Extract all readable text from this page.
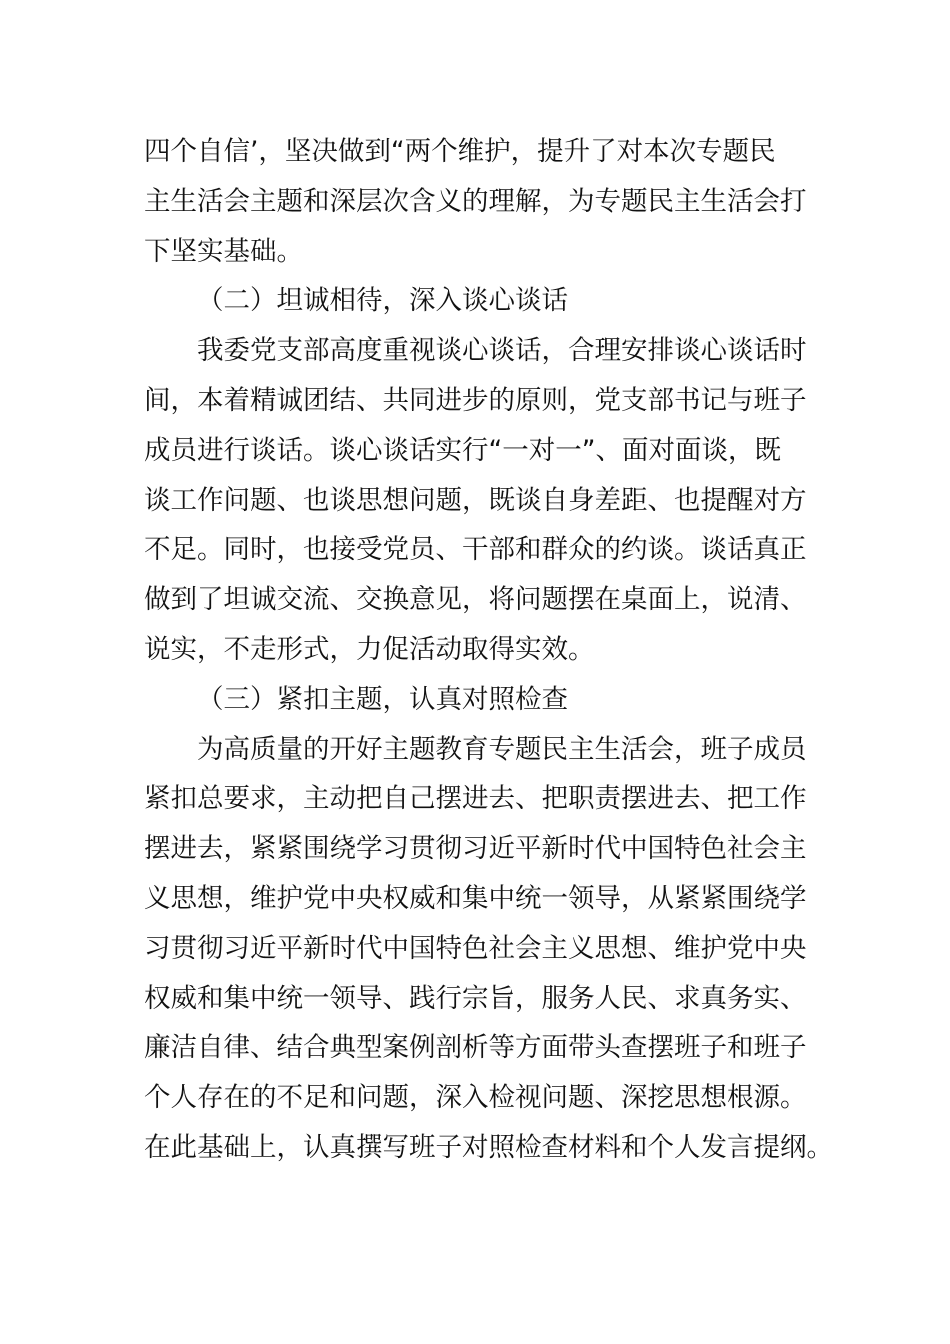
四个自信’，坚决做到“两个维护，提升了对本次专题民
主生活会主题和深层次含义的理解，为专题民主生活会打
下坚实基础。
（二）坦诚相待，深入谈心谈话
我委党支部高度重视谈心谈话，合理安排谈心谈话时
间，本着精诚团结、共同进步的原则，党支部书记与班子
成员进行谈话。谈心谈话实行“一对一”、面对面谈，既
谈工作问题、也谈思想问题，既谈自身差距、也提醒对方
不足。同时，也接受党员、干部和群众的约谈。谈话真正
做到了坦诚交流、交换意见，将问题摆在桌面上，说清、
说实，不走形式，力促活动取得实效。
（三）紧扣主题，认真对照检查
为高质量的开好主题教育专题民主生活会，班子成员
紧扣总要求，主动把自己摆进去、把职责摆进去、把工作
摆进去，紧紧围绕学习贯彻习近平新时代中国特色社会主
义思想，维护党中央权威和集中统一领导，从紧紧围绕学
习贯彻习近平新时代中国特色社会主义思想、维护党中央
权威和集中统一领导、践行宗旨，服务人民、求真务实、
廉洁自律、结合典型案例剖析等方面带头查摆班子和班子
个人存在的不足和问题，深入检视问题、深挖思想根源。
在此基础上，认真撰写班子对照检查材料和个人发言提纲。
